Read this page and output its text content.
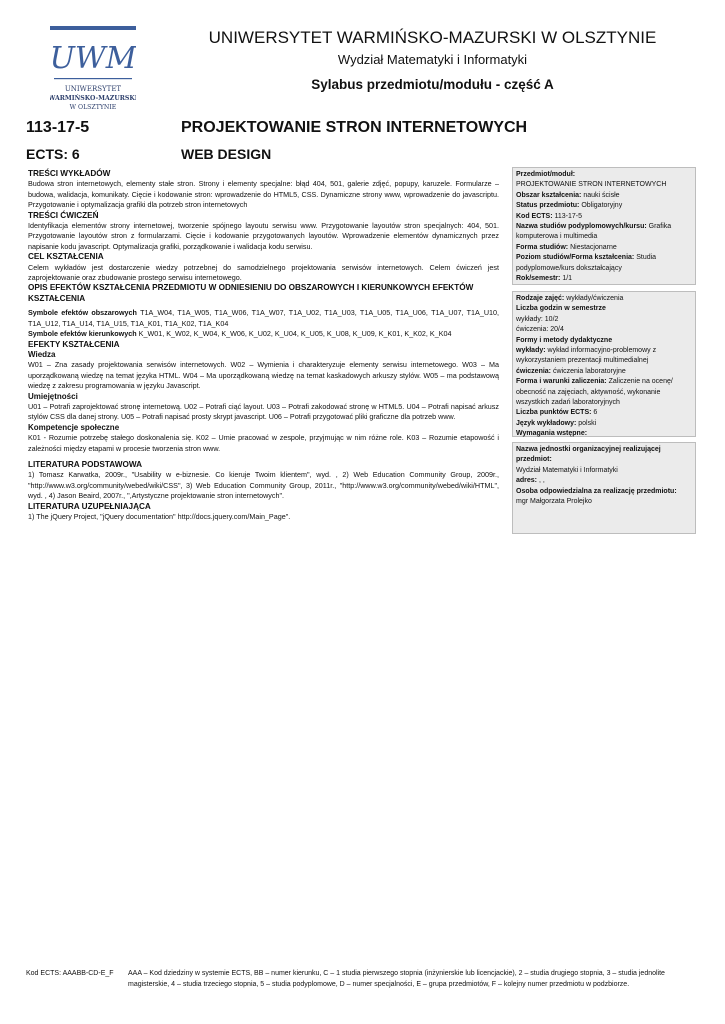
UWM
UNIWERSYTET
WARMIŃSKO-MAZURSKI
W OLSZTYNIE
UNIWERSYTET WARMIŃSKO-MAZURSKI W OLSZTYNIE
Wydział Matematyki i Informatyki
Sylabus przedmiotu/modułu - część A
113-17-5	PROJEKTOWANIE STRON INTERNETOWYCH
ECTS: 6	WEB DESIGN
TREŚCI WYKŁADÓW

Budowa stron internetowych, elementy stałe stron. Strony i elementy specjalne: błąd 404, 501, galerie zdjęć, popupy, karuzele. Formularze – budowa, walidacja, komunikaty. Cięcie i kodowanie stron: wprowadzenie do HTML5, CSS. Dynamiczne strony www, wprowadzenie do javascriptu. Przygotowanie i optymalizacja grafiki dla potrzeb stron internetowych

TREŚCI ĆWICZEŃ

Identyfikacja elementów strony internetowej, tworzenie spójnego layoutu serwisu www. Przygotowanie layoutów stron specjalnych: 404, 501. Przygotowanie layoutów stron z formularzami. Cięcie i kodowanie przygotowanych layoutów. Wprowadzenie elementów dynamicznych przez napisanie kodu javascript. Optymalizacja grafiki, porządkowanie i walidacja kodu serwisu.

CEL KSZTAŁCENIA

Celem wykładów jest dostarczenie wiedzy potrzebnej do samodzielnego projektowania serwisów internetowych. Celem ćwiczeń jest zaprojektowanie oraz zbudowanie prostego serwisu internetowego.

OPIS EFEKTÓW KSZTAŁCENIA PRZEDMIOTU W ODNIESIENIU DO OBSZAROWYCH I KIERUNKOWYCH EFEKTÓW KSZTAŁCENIA

Symbole efektów obszarowych T1A_W04, T1A_W05, T1A_W06, T1A_W07, T1A_U02, T1A_U03, T1A_U05, T1A_U06, T1A_U07, T1A_U10, T1A_U12, T1A_U14, T1A_U15, T1A_K01, T1A_K02, T1A_K04

Symbole efektów kierunkowych K_W01, K_W02, K_W04, K_W06, K_U02, K_U04, K_U05, K_U08, K_U09, K_K01, K_K02, K_K04

EFEKTY KSZTAŁCENIA
Wiedza

W01 – Zna zasady projektowania serwisów internetowych. W02 – Wymienia i charakteryzuje elementy serwisu internetowego. W03 – Ma uporządkowaną wiedzę na temat języka HTML. W04 – Ma uporządkowaną wiedzę na temat kaskadowych arkuszy stylów. W05 – ma podstawową wiedzę z zakresu programowania w języku Javascript.

Umiejętności

U01 – Potrafi zaprojektować stronę internetową. U02 – Potrafi ciąć layout. U03 – Potrafi zakodować stronę w HTML5. U04 – Potrafi napisać arkusz stylów CSS dla danej strony. U05 – Potrafi napisać prosty skrypt javascript. U06 – Potrafi przygotować pliki graficzne dla potrzeb www.

Kompetencje społeczne

K01 - Rozumie potrzebę stałego doskonalenia się. K02 – Umie pracować w zespole, przyjmując w nim różne role. K03 – Rozumie etapowość i zależności między etapami w procesie tworzenia stron www.

LITERATURA PODSTAWOWA

1) Tomasz Karwatka, 2009r., "Usability w e-biznesie. Co kieruje Twoim klientem", wyd. , 2) Web Education Community Group, 2009r., "http://www.w3.org/community/webed/wiki/CSS", 3) Web Education Community Group, 2011r., "http://www.w3.org/community/webed/wiki/HTML", wyd. , 4) Jason Beaird, 2007r., ",Artystyczne projektowanie stron internetowych".

LITERATURA UZUPEŁNIAJĄCA

1) The jQuery Project, "jQuery documentation" http://docs.jquery.com/Main_Page".

Przedmiot/moduł:
PROJEKTOWANIE STRON INTERNETOWYCH
Obszar kształcenia: nauki ścisłe
Status przedmiotu: Obligatoryjny
Kod ECTS: 113-17-5
Nazwa studiów podyplomowych/kursu: Grafika komputerowa i multimedia
Forma studiów: Niestacjonarne
Poziom studiów/Forma kształcenia: Studia podyplomowe/kurs dokształcający
Rok/semestr: 1/1
Rodzaje zajęć: wykłady/ćwiczenia
Liczba godzin w semestrze
wykłady: 10/2
ćwiczenia: 20/4
Formy i metody dydaktyczne
wykłady: wykład informacyjno-problemowy z wykorzystaniem prezentacji multimedialnej
ćwiczenia: ćwiczenia laboratoryjne
Forma i warunki zaliczenia: Zaliczenie na ocenę/ obecność na zajęciach, aktywność, wykonanie wszystkich zadań laboratoryjnych
Liczba punktów ECTS: 6
Język wykładowy: polski
Wymagania wstępne:
Nazwa jednostki organizacyjnej realizującej przedmiot:
Wydział Matematyki i Informatyki
adres: , ,
Osoba odpowiedzialna za realizację przedmiotu:
mgr Małgorzata Prolejko
Kod ECTS: AAABB-CD-E_F AAA – Kod dziedziny w systemie ECTS, BB – numer kierunku, C – 1 studia pierwszego stopnia (inżynierskie lub licencjackie), 2 – studia drugiego stopnia, 3 – studia jednolite magisterskie, 4 – studia trzeciego stopnia, 5 – studia podyplomowe, D – numer specjalności, E – grupa przedmiotów, F – kolejny numer przedmiotu w podzbiorze.
